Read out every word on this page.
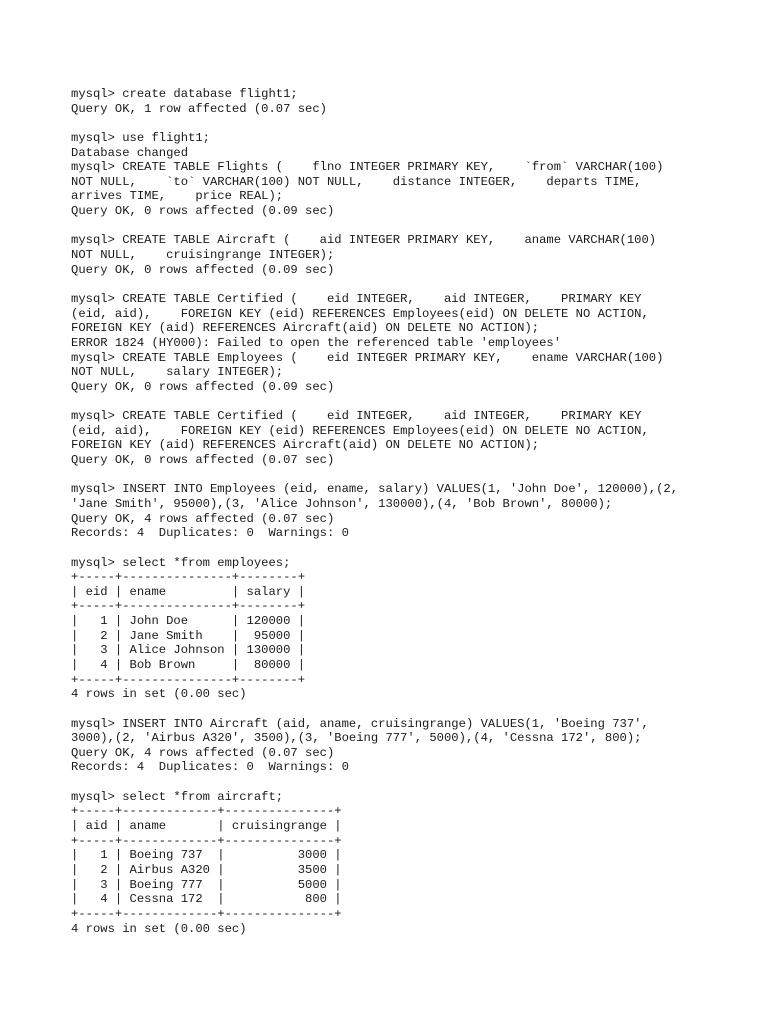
mysql> create database flight1;
Query OK, 1 row affected (0.07 sec)
mysql> use flight1;
Database changed
mysql> CREATE TABLE Flights (    flno INTEGER PRIMARY KEY,    `from` VARCHAR(100)
NOT NULL,    `to` VARCHAR(100) NOT NULL,    distance INTEGER,    departs TIME,
arrives TIME,    price REAL);
Query OK, 0 rows affected (0.09 sec)
mysql> CREATE TABLE Aircraft (    aid INTEGER PRIMARY KEY,    aname VARCHAR(100)
NOT NULL,    cruisingrange INTEGER);
Query OK, 0 rows affected (0.09 sec)
mysql> CREATE TABLE Certified (    eid INTEGER,    aid INTEGER,    PRIMARY KEY
(eid, aid),    FOREIGN KEY (eid) REFERENCES Employees(eid) ON DELETE NO ACTION,
FOREIGN KEY (aid) REFERENCES Aircraft(aid) ON DELETE NO ACTION);
ERROR 1824 (HY000): Failed to open the referenced table 'employees'
mysql> CREATE TABLE Employees (    eid INTEGER PRIMARY KEY,    ename VARCHAR(100)
NOT NULL,    salary INTEGER);
Query OK, 0 rows affected (0.09 sec)
mysql> CREATE TABLE Certified (    eid INTEGER,    aid INTEGER,    PRIMARY KEY
(eid, aid),    FOREIGN KEY (eid) REFERENCES Employees(eid) ON DELETE NO ACTION,
FOREIGN KEY (aid) REFERENCES Aircraft(aid) ON DELETE NO ACTION);
Query OK, 0 rows affected (0.07 sec)
mysql> INSERT INTO Employees (eid, ename, salary) VALUES(1, 'John Doe', 120000),(2,
'Jane Smith', 95000),(3, 'Alice Johnson', 130000),(4, 'Bob Brown', 80000);
Query OK, 4 rows affected (0.07 sec)
Records: 4  Duplicates: 0  Warnings: 0
mysql> select *from employees;
+-----+---------------+--------+
| eid | ename         | salary |
+-----+---------------+--------+
|   1 | John Doe      | 120000 |
|   2 | Jane Smith    |  95000 |
|   3 | Alice Johnson | 130000 |
|   4 | Bob Brown     |  80000 |
+-----+---------------+--------+
4 rows in set (0.00 sec)
mysql> INSERT INTO Aircraft (aid, aname, cruisingrange) VALUES(1, 'Boeing 737',
3000),(2, 'Airbus A320', 3500),(3, 'Boeing 777', 5000),(4, 'Cessna 172', 800);
Query OK, 4 rows affected (0.07 sec)
Records: 4  Duplicates: 0  Warnings: 0
mysql> select *from aircraft;
+-----+-------------+---------------+
| aid | aname       | cruisingrange |
+-----+-------------+---------------+
|   1 | Boeing 737  |          3000 |
|   2 | Airbus A320 |          3500 |
|   3 | Boeing 777  |          5000 |
|   4 | Cessna 172  |           800 |
+-----+-------------+---------------+
4 rows in set (0.00 sec)
